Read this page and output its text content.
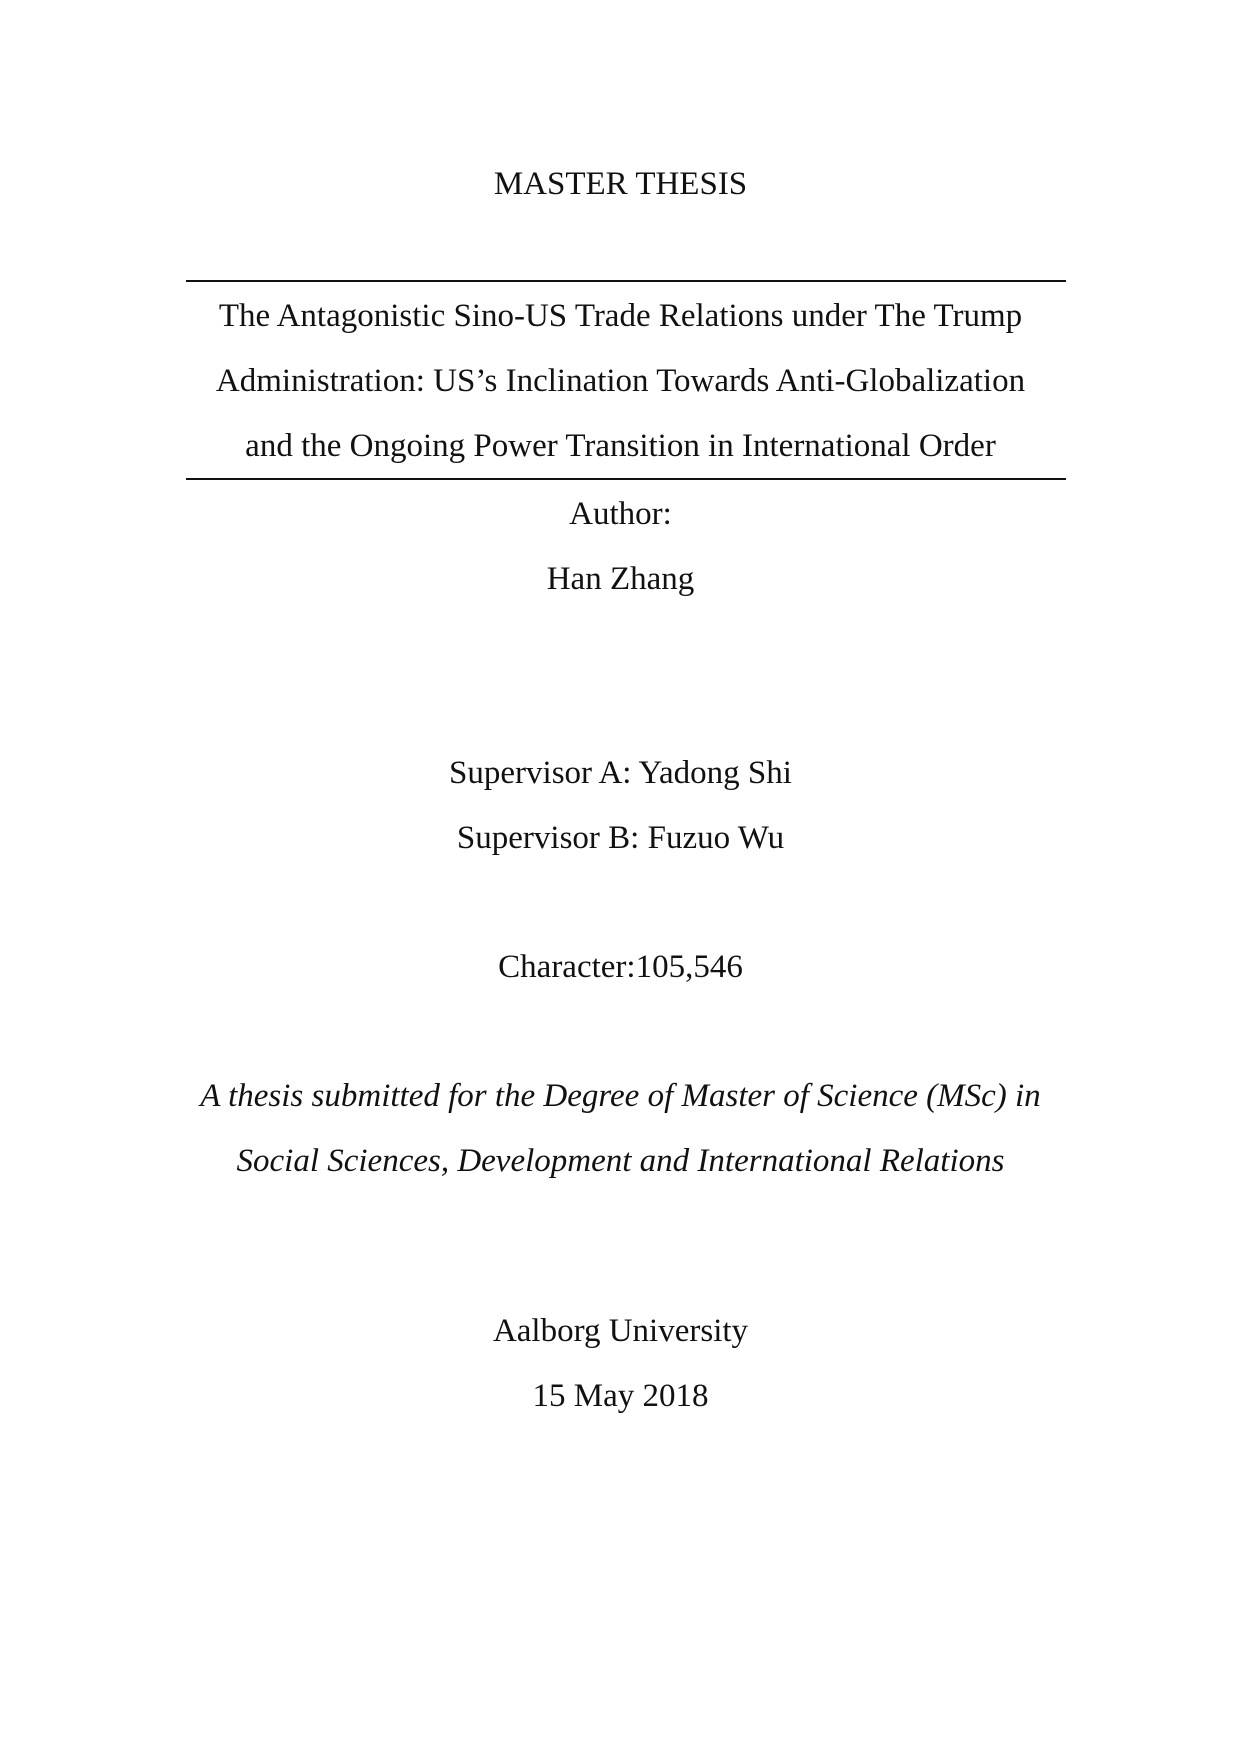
MASTER THESIS
The Antagonistic Sino-US Trade Relations under The Trump
Administration: US’s Inclination Towards Anti-Globalization
and the Ongoing Power Transition in International Order
Author:
Han Zhang
Supervisor A: Yadong Shi
Supervisor B: Fuzuo Wu
Character:105,546
A thesis submitted for the Degree of Master of Science (MSc) in
Social Sciences, Development and International Relations
Aalborg University
15 May 2018
